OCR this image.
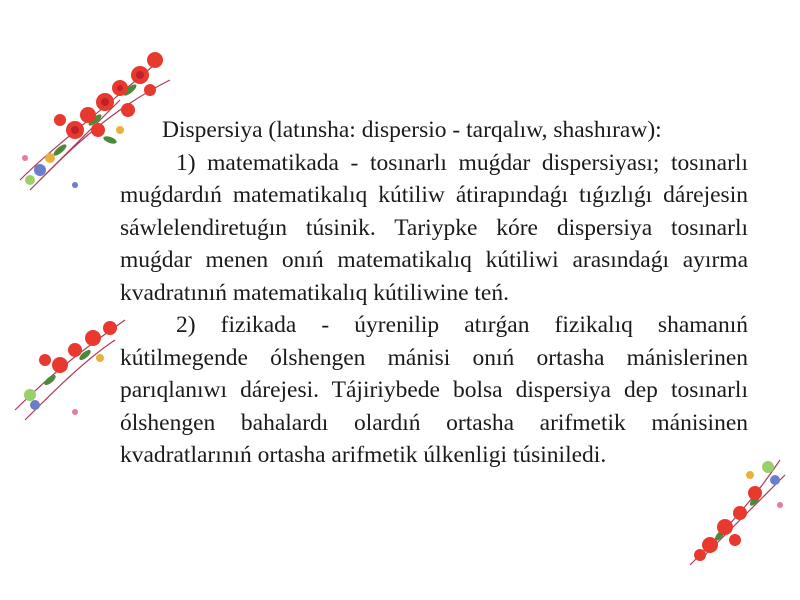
Dispersiya (latınsha: dispersio - tarqalıw, shashıraw):

1) matematikada - tosınarlı muǵdar dispersiyası; tosınarlı muǵdardıń matematikalıq kútiliw átirapındaǵı tıǵızlıǵı dárejesin sáwlelendiretuǵın túsinik. Tariypke kóre dispersiya tosınarlı muǵdar menen onıń matematikalıq kútiliwi arasındaǵı ayırma kvadratınıń matematikalıq kútiliwine teń.

2) fizikada - úyrenilip atırǵan fizikalıq shamanıń kútilmegende ólshengen mánisi onıń ortasha mánislerinen parıqlanıwı dárejesi. Tájiriybede bolsa dispersiya dep tosınarlı ólshengen bahalardı olardıń ortasha arifmetik mánisinen kvadratlarınıń ortasha arifmetik úlkenligi túsiniledi.
